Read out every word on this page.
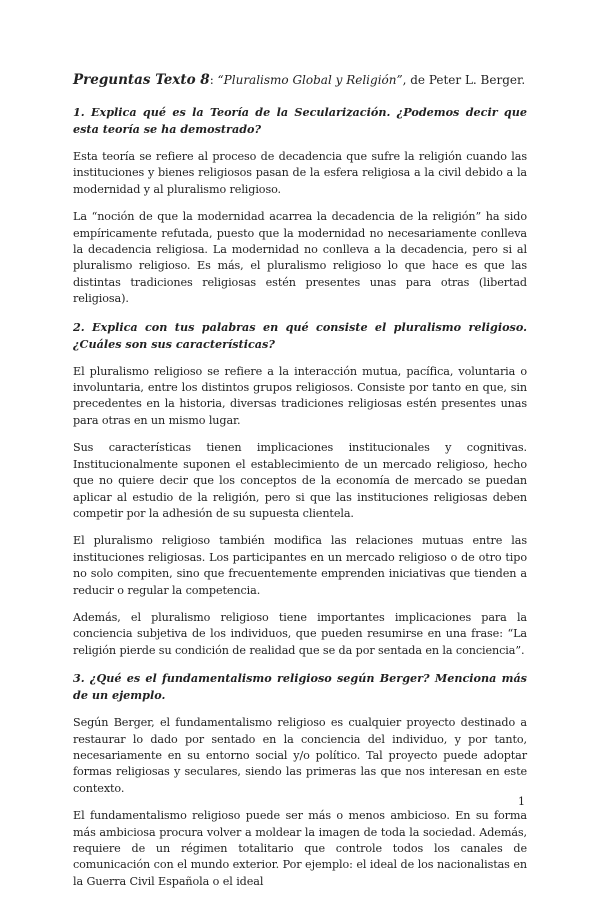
Preguntas Texto 8: “Pluralismo Global y Religión”, de Peter L. Berger.
1. Explica qué es la Teoría de la Secularización. ¿Podemos decir que esta teoría se ha demostrado?
Esta teoría se refiere al proceso de decadencia que sufre la religión cuando las instituciones y bienes religiosos pasan de la esfera religiosa a la civil debido a la modernidad y al pluralismo religioso.
La “noción de que la modernidad acarrea la decadencia de la religión” ha sido empíricamente refutada, puesto que la modernidad no necesariamente conlleva la decadencia religiosa. La modernidad no conlleva a la decadencia, pero si al pluralismo religioso. Es más, el pluralismo religioso lo que hace es que las distintas tradiciones religiosas estén presentes unas para otras (libertad religiosa).
2. Explica con tus palabras en qué consiste el pluralismo religioso. ¿Cuáles son sus características?
El pluralismo religioso se refiere a la interacción mutua, pacífica, voluntaria o involuntaria, entre los distintos grupos religiosos. Consiste por tanto en que, sin precedentes en la historia, diversas tradiciones religiosas estén presentes unas para otras en un mismo lugar.
Sus características tienen implicaciones institucionales y cognitivas. Institucionalmente suponen el establecimiento de un mercado religioso, hecho que no quiere decir que los conceptos de la economía de mercado se puedan aplicar al estudio de la religión, pero si que las instituciones religiosas deben competir por la adhesión de su supuesta clientela.
El pluralismo religioso también modifica las relaciones mutuas entre las instituciones religiosas. Los participantes en un mercado religioso o de otro tipo no solo compiten, sino que frecuentemente emprenden iniciativas que tienden a reducir o regular la competencia.
Además, el pluralismo religioso tiene importantes implicaciones para la conciencia subjetiva de los individuos, que pueden resumirse en una frase: “La religión pierde su condición de realidad que se da por sentada en la conciencia”.
3. ¿Qué es el fundamentalismo religioso según Berger? Menciona más de un ejemplo.
Según Berger, el fundamentalismo religioso es cualquier proyecto destinado a restaurar lo dado por sentado en la conciencia del individuo, y por tanto, necesariamente en su entorno social y/o político. Tal proyecto puede adoptar formas religiosas y seculares, siendo las primeras las que nos interesan en este contexto.
El fundamentalismo religioso puede ser más o menos ambicioso. En su forma más ambiciosa procura volver a moldear la imagen de toda la sociedad. Además, requiere de un régimen totalitario que controle todos los canales de comunicación con el mundo exterior. Por ejemplo: el ideal de los nacionalistas en la Guerra Civil Española o el ideal
1
